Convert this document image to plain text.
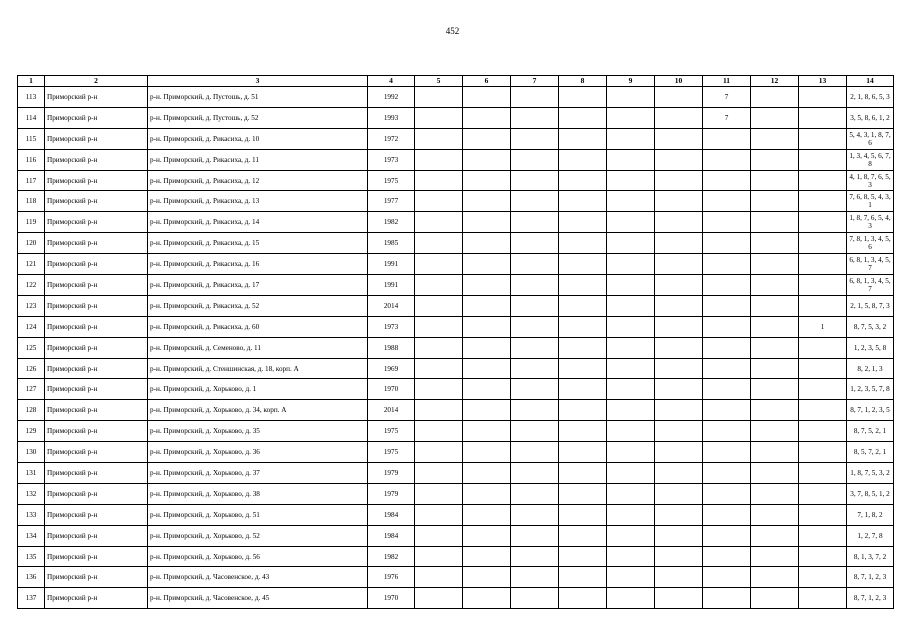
452
1	2	3	4	5	6	7	8	9	10	11	12	13	14
113	Приморский р-н	р-н. Приморский, д. Пустошь, д. 51	1992							7			2, 1, 8, 6, 5, 3
114	Приморский р-н	р-н. Приморский, д. Пустошь, д. 52	1993							7			3, 5, 8, 6, 1, 2
115	Приморский р-н	р-н. Приморский, д. Рикасиха, д. 10	1972										5, 4, 3, 1, 8, 7, 6
116	Приморский р-н	р-н. Приморский, д. Рикасиха, д. 11	1973										1, 3, 4, 5, 6, 7, 8
117	Приморский р-н	р-н. Приморский, д. Рикасиха, д. 12	1975										4, 1, 8, 7, 6, 5, 3
118	Приморский р-н	р-н. Приморский, д. Рикасиха, д. 13	1977										7, 6, 8, 5, 4, 3, 1
119	Приморский р-н	р-н. Приморский, д. Рикасиха, д. 14	1982										1, 8, 7, 6, 5, 4, 3
120	Приморский р-н	р-н. Приморский, д. Рикасиха, д. 15	1985										7, 8, 1, 3, 4, 5, 6
121	Приморский р-н	р-н. Приморский, д. Рикасиха, д. 16	1991										6, 8, 1, 3, 4, 5, 7
122	Приморский р-н	р-н. Приморский, д. Рикасиха, д. 17	1991										6, 8, 1, 3, 4, 5, 7
123	Приморский р-н	р-н. Приморский, д. Рикасиха, д. 52	2014										2, 1, 5, 8, 7, 3
124	Приморский р-н	р-н. Приморский, д. Рикасиха, д. 60	1973									1	8, 7, 5, 3, 2
125	Приморский р-н	р-н. Приморский, д. Семеново, д. 11	1988										1, 2, 3, 5, 8
126	Приморский р-н	р-н. Приморский, д. Стеншинская, д. 18, корп. А	1969										8, 2, 1, 3
127	Приморский р-н	р-н. Приморский, д. Хорьково, д. 1	1970										1, 2, 3, 5, 7, 8
128	Приморский р-н	р-н. Приморский, д. Хорьково, д. 34, корп. А	2014										8, 7, 1, 2, 3, 5
129	Приморский р-н	р-н. Приморский, д. Хорьково, д. 35	1975										8, 7, 5, 2, 1
130	Приморский р-н	р-н. Приморский, д. Хорьково, д. 36	1975										8, 5, 7, 2, 1
131	Приморский р-н	р-н. Приморский, д. Хорьково, д. 37	1979										1, 8, 7, 5, 3, 2
132	Приморский р-н	р-н. Приморский, д. Хорьково, д. 38	1979										3, 7, 8, 5, 1, 2
133	Приморский р-н	р-н. Приморский, д. Хорьково, д. 51	1984										7, 1, 8, 2
134	Приморский р-н	р-н. Приморский, д. Хорьково, д. 52	1984										1, 2, 7, 8
135	Приморский р-н	р-н. Приморский, д. Хорьково, д. 56	1982										8, 1, 3, 7, 2
136	Приморский р-н	р-н. Приморский, д. Часовенское, д. 43	1976										8, 7, 1, 2, 3
137	Приморский р-н	р-н. Приморский, д. Часовенское, д. 45	1970										8, 7, 1, 2, 3
